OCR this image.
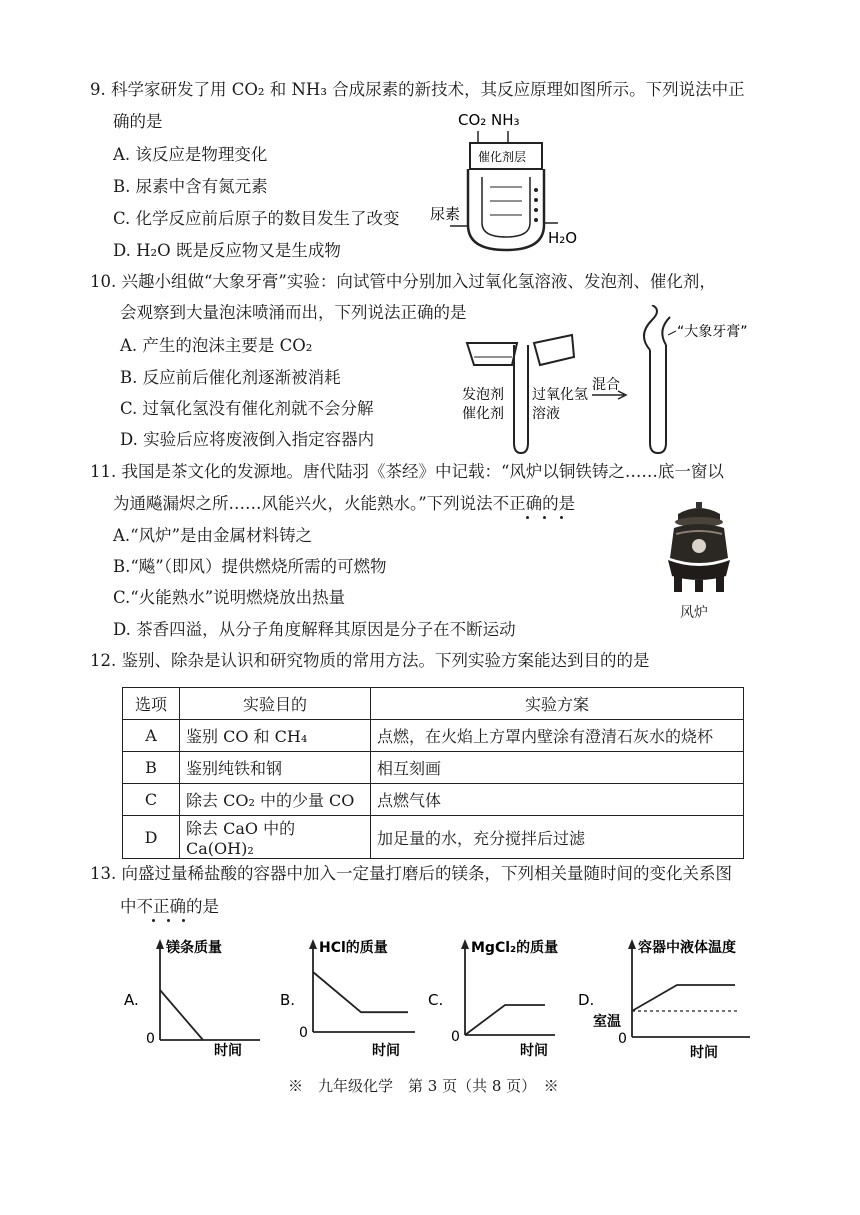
9. 科学家研发了用 CO₂ 和 NH₃ 合成尿素的新技术，其反应原理如图所示。下列说法中正
确的是
A. 该反应是物理变化
B. 尿素中含有氮元素
C. 化学反应前后原子的数目发生了改变
D. H₂O 既是反应物又是生成物
CO₂ NH₃
催化剂层
尿素
H₂O
10. 兴趣小组做“大象牙膏”实验：向试管中分别加入过氧化氢溶液、发泡剂、催化剂，
会观察到大量泡沫喷涌而出，下列说法正确的是
A. 产生的泡沫主要是 CO₂
B. 反应前后催化剂逐渐被消耗
C. 过氧化氢没有催化剂就不会分解
D. 实验后应将废液倒入指定容器内
发泡剂
催化剂
过氧化氢
溶液
混合
“大象牙膏”
11. 我国是茶文化的发源地。唐代陆羽《茶经》中记载：“风炉以铜铁铸之……底一窗以
为通飚漏烬之所……风能兴火，火能熟水。”下列说法不正确的是
A.“风炉”是由金属材料铸之
B.“飚”（即风）提供燃烧所需的可燃物
C.“火能熟水”说明燃烧放出热量
D. 茶香四溢，从分子角度解释其原因是分子在不断运动
风炉
12. 鉴别、除杂是认识和研究物质的常用方法。下列实验方案能达到目的的是
选项	实验目的	实验方案
A	鉴别 CO 和 CH₄	点燃，在火焰上方罩内壁涂有澄清石灰水的烧杯
B	鉴别纯铁和钢	相互刻画
C	除去 CO₂ 中的少量 CO	点燃气体
D	除去 CaO 中的 Ca(OH)₂	加足量的水，充分搅拌后过滤
13. 向盛过量稀盐酸的容器中加入一定量打磨后的镁条，下列相关量随时间的变化关系图
中不正确的是
A.
镁条质量
时间
0
B.
HCl的质量
时间
0
C.
MgCl₂的质量
时间
0
D.
容器中液体温度
时间
0
室温
※　九年级化学　第 3 页（共 8 页）　※
